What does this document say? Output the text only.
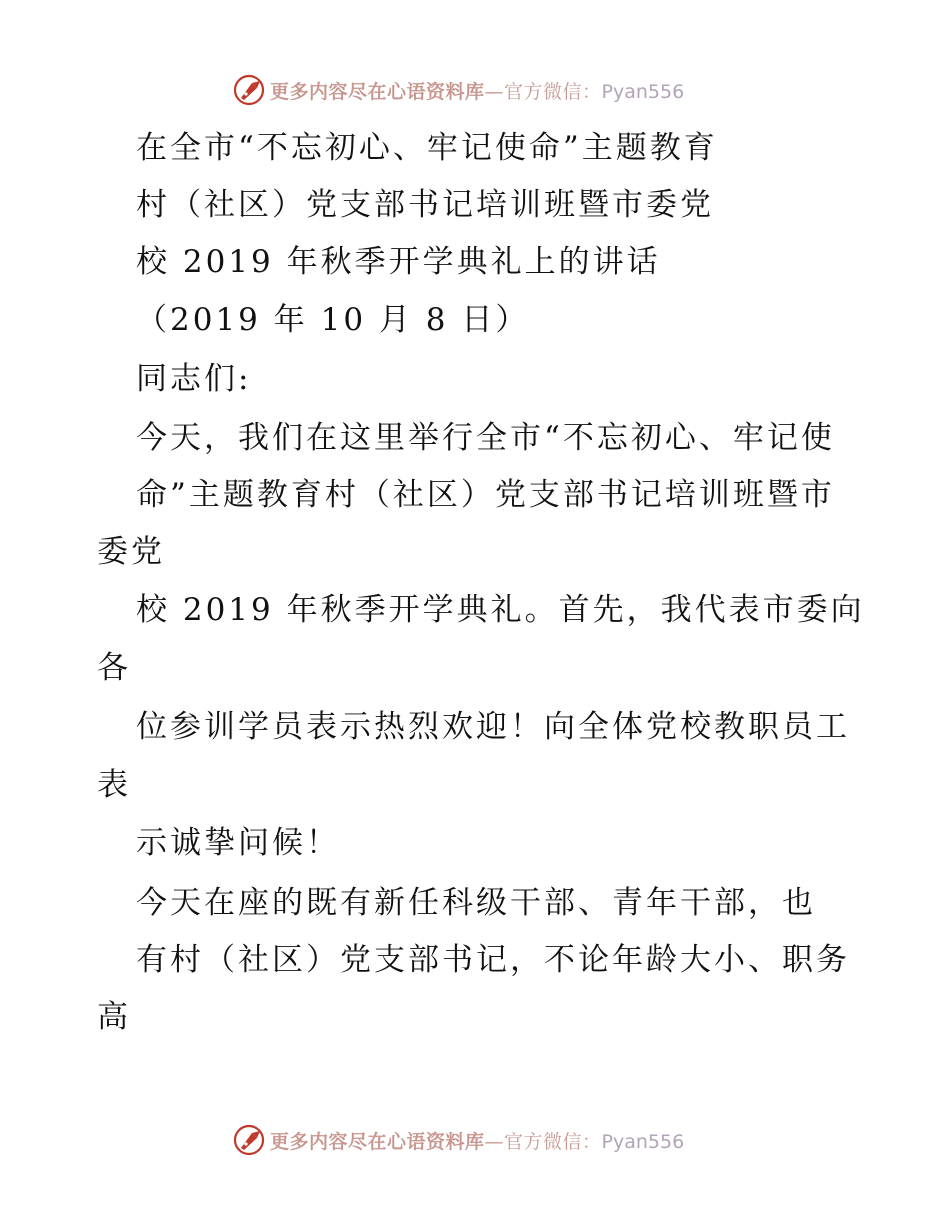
更多内容尽在心语资料库—官方微信：Pyan556
在全市“不忘初心、牢记使命”主题教育
村（社区）党支部书记培训班暨市委党
校 2019 年秋季开学典礼上的讲话
（2019 年 10 月 8 日）
同志们:
今天，我们在这里举行全市“不忘初心、牢记使
命”主题教育村（社区）党支部书记培训班暨市
委党
校 2019 年秋季开学典礼。首先，我代表市委向
各
位参训学员表示热烈欢迎！向全体党校教职员工
表
示诚挚问候！
今天在座的既有新任科级干部、青年干部，也
有村（社区）党支部书记，不论年龄大小、职务
高
更多内容尽在心语资料库—官方微信：Pyan556
